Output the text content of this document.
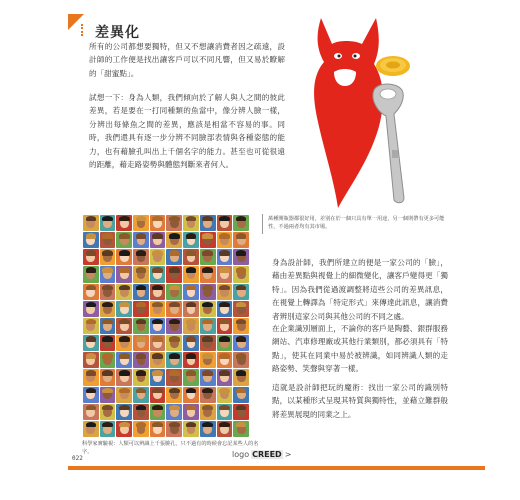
差異化
所有的公司都想要獨特，但又不想讓消費者因之疏遠，設計師的工作便是找出讓客戶可以不同凡響，但又易於瞭解的「甜蜜點」。
試想一下：身為人類，我們傾向於了解人與人之間的彼此差異，若是要在一打同種類的魚當中，像分辨人臉一樣，分辨出每條魚之間的差異，應該是相當不容易的事。同時，我們還具有逐一步分辨不同臉部表情與各種姿態的能力，也有藉臉孔叫出上千個名字的能力。甚至也可從很遠的距離，藉走路姿勢與體態判斷來者何人。
萬種開瓶器都很好用，差別在於一個只具有單一用途，另一個則帶有更多可能性，不過兩者均有其市場。
科學家實驗視：人類可以辨識上千張臉孔，只不過有的時候會忘記某些人的名字。
身為設計師，我們所建立的便是一家公司的「臉」，藉由差異點與視覺上的細微變化，讓客戶變得更「獨特」。因為我們從過渡調整將這些公司的差異訊息，在視覺上轉譯為「特定形式」來傳達此訊息，讓消費者辨別這家公司與其他公司的不同之處。
在企業識別層面上，不論你的客戶是陶藝、銀群服務網站、汽車修理廠或其他行業類別，都必須具有「特點」，使其在同業中易於被辨識，如同辨識人類的走路姿勢、笑聲與穿著一樣。
這就是設計師把玩的魔術：找出一家公司的識別特點，以某種形式呈現其特質與獨特性，並藉立難群般將差異展現的同業之上。
022	logo CREED >
